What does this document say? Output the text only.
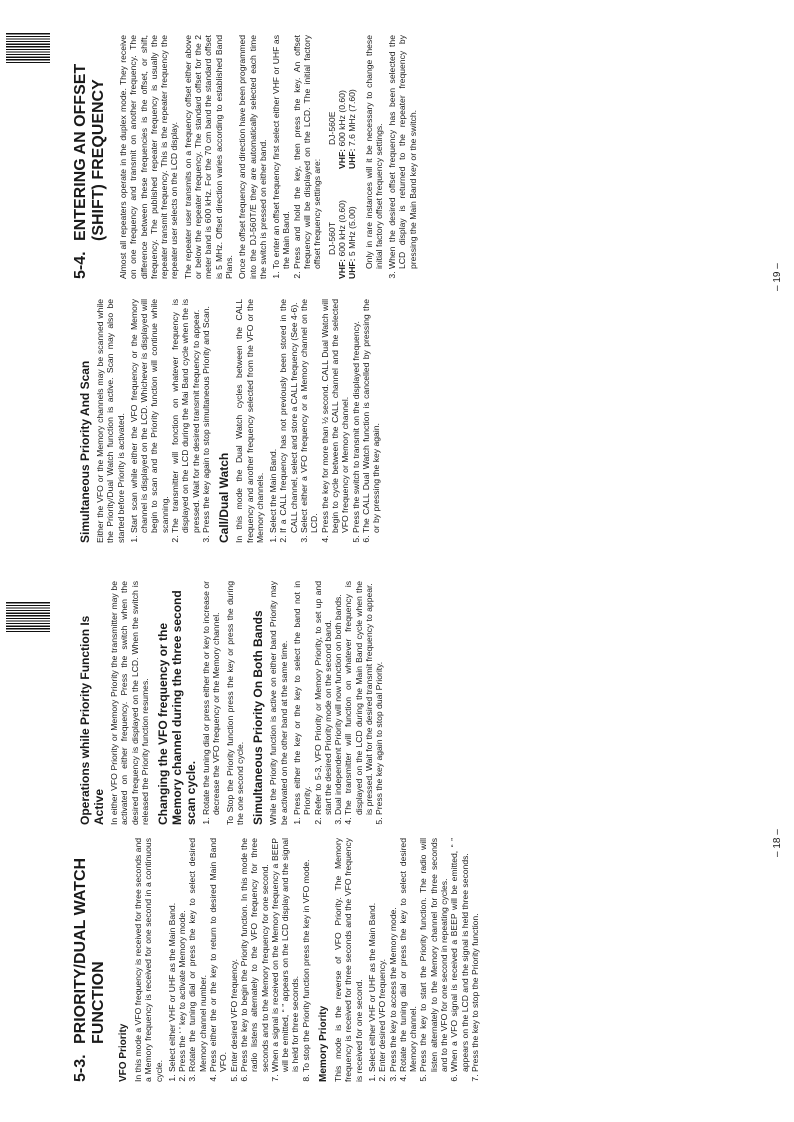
5-3.PRIORITY/DUAL WATCH FUNCTION
VFO Priority In this mode a VFO frequency is received for three seconds and a Memory frequency is received for one second in a continuous cycle. 1. Select either VHF or UHF as the Main Band. 2. Press the ‘ ’ key to activate Memory mode. 3. Rotate the tuning dial or press the key to select desired Memory channel number. 4. Press either the or the key to return to desired Main Band VFO. 5. Enter desired VFO frequency. 6. Press the key to begin the Priority function. In this mode the radio listens alternately to the VFO frequency for three seconds and to the Memory frequency for one second. 7. When a signal is received on the Memory frequency a BEEP will be emitted, “ ” appears on the LCD display and the signal is held for three seconds. 8. To stop the Priority function press the key in VFO mode. Memory Priority This mode is the reverse of VFO Priority. The Memory frequency is received for three seconds and the VFO frequency is received for one second. 1. Select either VHF or UHF as the Main Band. 2. Enter desired VFO frequency. 3. Press the key to access the Memory mode. 4. Rotate the tuning dial or press the key to select desired Memory channel. 5. Press the key to start the Priority function. The radio will listen alternately to the Memory channel for three seconds and to the VFO for one second in repeating cycles. 6. When a VFO signal is received a BEEP will be emitted, “ ” appears on the LCD and the signal is held three seconds. 7. Press the key to stop the Priority function.
Operations while Priority Function Is Active In either VFO Priority or Memory Priority the transmitter may be activated on either frequency. Press the switch when the desired frequency is displayed on the LCD. When the switch is released the Priority function resumes. Changing the VFO frequency or the Memory channel during the three second scan cycle. 1. Rotate the tuning dial or press either the or key to increase or decrease the VFO frequency or the Memory channel. To Stop the Priority function press the key or press the during the one second cycle. Simultaneous Priority On Both Bands While the Priority function is active on either band Priority may be activated on the other band at the same time. 1. Press either the key or the key to select the band not in Priority. 2. Refer to 5-3, VFO Priority or Memory Priority, to set up and start the desired Priority mode on the second band. 3. Dual independent Priority will now function on both bands. 4. The transmitter will function on whatever frequency is displayed on the LCD during the Main Band cycle when the is pressed. Wait for the desired transmit frequency to appear. 5. Press the key again to stop dual Priority.
– 18 –
Simultaneous Priority And Scan Either the VFO or the Memory channels may be scanned while the Priority/Dual Watch function is active. Scan may also be started before Priority is activated. 1. Start scan while either the VFO frequency or the Memory channel is displayed on the LCD. Whichever is displayed will begin to scan and the Priority function will continue while scanning. 2. The transmitter will fonction on whatever frequency is displayed on the LCD during the Mai Band cycle when the is pressed. Wait for the desired transmit frequency to appear. 3. Press the key again to stop simultaneous Priority and Scan. Call/Dual Watch In this mode the Dual Watch cycles between the CALL frequency and another frequency selected from the VFO or the Memory channels. 1. Select the Main Band. 2. If a CALL frequency has not previously been stored in the CALL channel, select and store a CALL frequency (See 4-6). 3. Select either a VFO frequency or a Memory channel on the LCD. 4. Press the key for more than ½ second. CALL Dual Watch will begin to cycle between the CALL channel and the selected VFO frequency or Memory channel. 5. Press the switch to transmit on the displayed frequency. 6. The CALL Dual Watch function is cancelled by pressing the or by pressing the key again.
5-4.ENTERING AN OFFSET (SHIFT) FREQUENCY Almost all repeaters operate in the duplex mode. They receive on one frequency and transmit on another frequency. The difference between these frequencies is the offset, or shift, frequency. The published repeater frequency is usually the repeater transmit frequency. This is the repeater frequency the repeater user selects on the LCD display. The repeater user transmits on a frequency offset either above or below the repeater frequency. The standard offset for the 2 meter band is 600 kHz. For the 70 cm band the standard offset is 5 MHz. Offset direction varies according to established Band Plans. Once the offset frequency and direction have been programmed into the DJ-560T/E they are automatically selected each time the switch is pressed on either band. 1. To enter an offset frequency first select either VHF or UHF as the Main Band. 2. Press and hold the key, then press the key. An offset frequency will be displayed on the LCD. The initial factory offset frequency settings are: DJ-560T
DJ-560E
VHF: 600 kHz (0.60)
VHF: 600 kHz (0.60)
UHF: 5 MHz (5.00)
UHF: 7.6 MHz (7.60) Only in rare instances will it be necessary to change these initial factory offset frequency settings. 3. When the desired offset frequency has been selected the LCD display is returned to the repeater frequency by pressing the Main Band key or the switch.
– 19 –
